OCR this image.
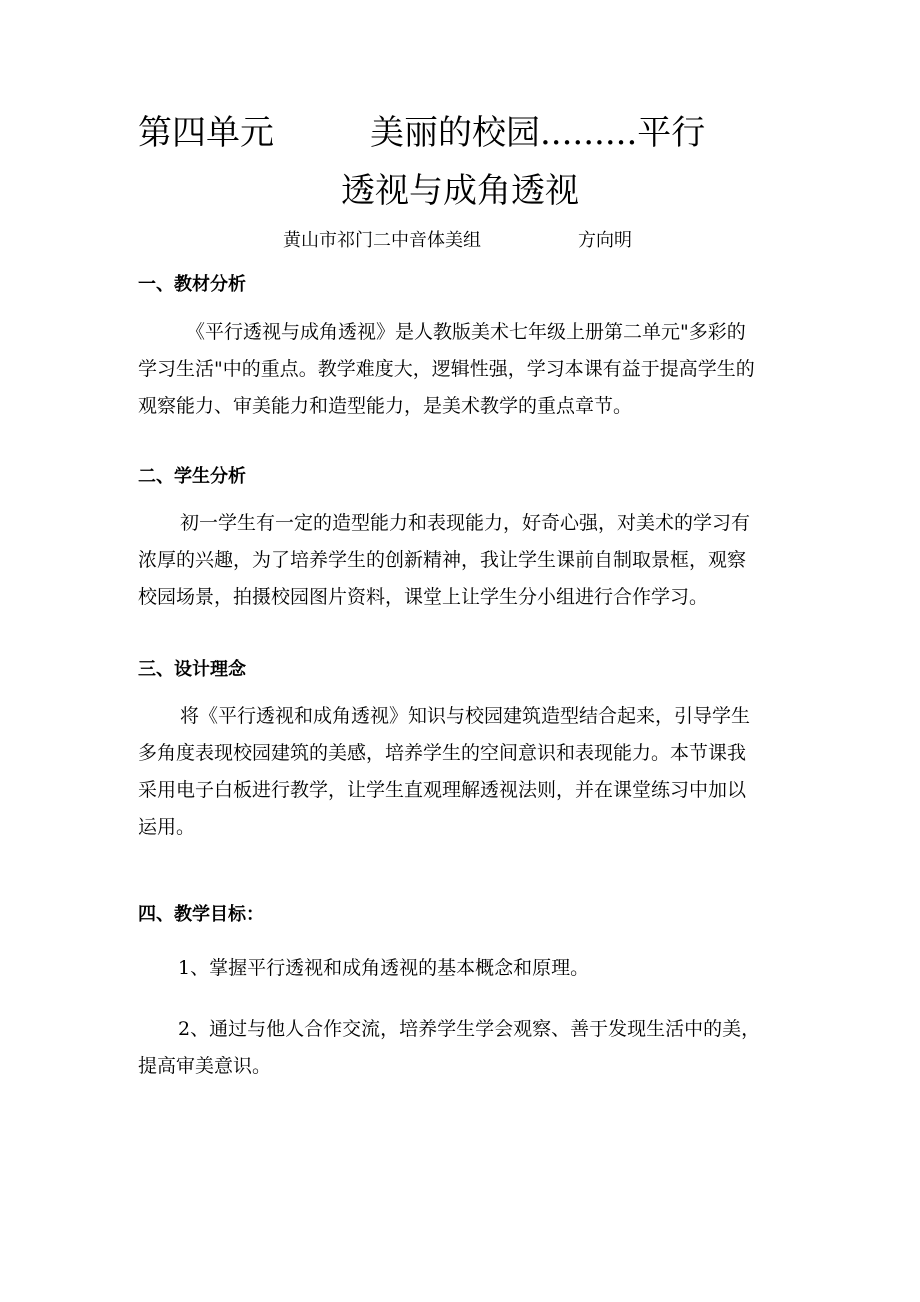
第四单元	美丽的校园.........平行
透视与成角透视
黄山市祁门二中音体美组	方向明
一、教材分析

《平行透视与成角透视》是人教版美术七年级上册第二单元"多彩的

学习生活"中的重点。教学难度大，逻辑性强，学习本课有益于提高学生的

观察能力、审美能力和造型能力，是美术教学的重点章节。

二、学生分析

初一学生有一定的造型能力和表现能力，好奇心强，对美术的学习有

浓厚的兴趣，为了培养学生的创新精神，我让学生课前自制取景框，观察

校园场景，拍摄校园图片资料，课堂上让学生分小组进行合作学习。

三、设计理念

将《平行透视和成角透视》知识与校园建筑造型结合起来，引导学生

多角度表现校园建筑的美感，培养学生的空间意识和表现能力。本节课我

采用电子白板进行教学，让学生直观理解透视法则，并在课堂练习中加以

运用。

四、教学目标：

1、掌握平行透视和成角透视的基本概念和原理。

2、通过与他人合作交流，培养学生学会观察、善于发现生活中的美，

提高审美意识。
